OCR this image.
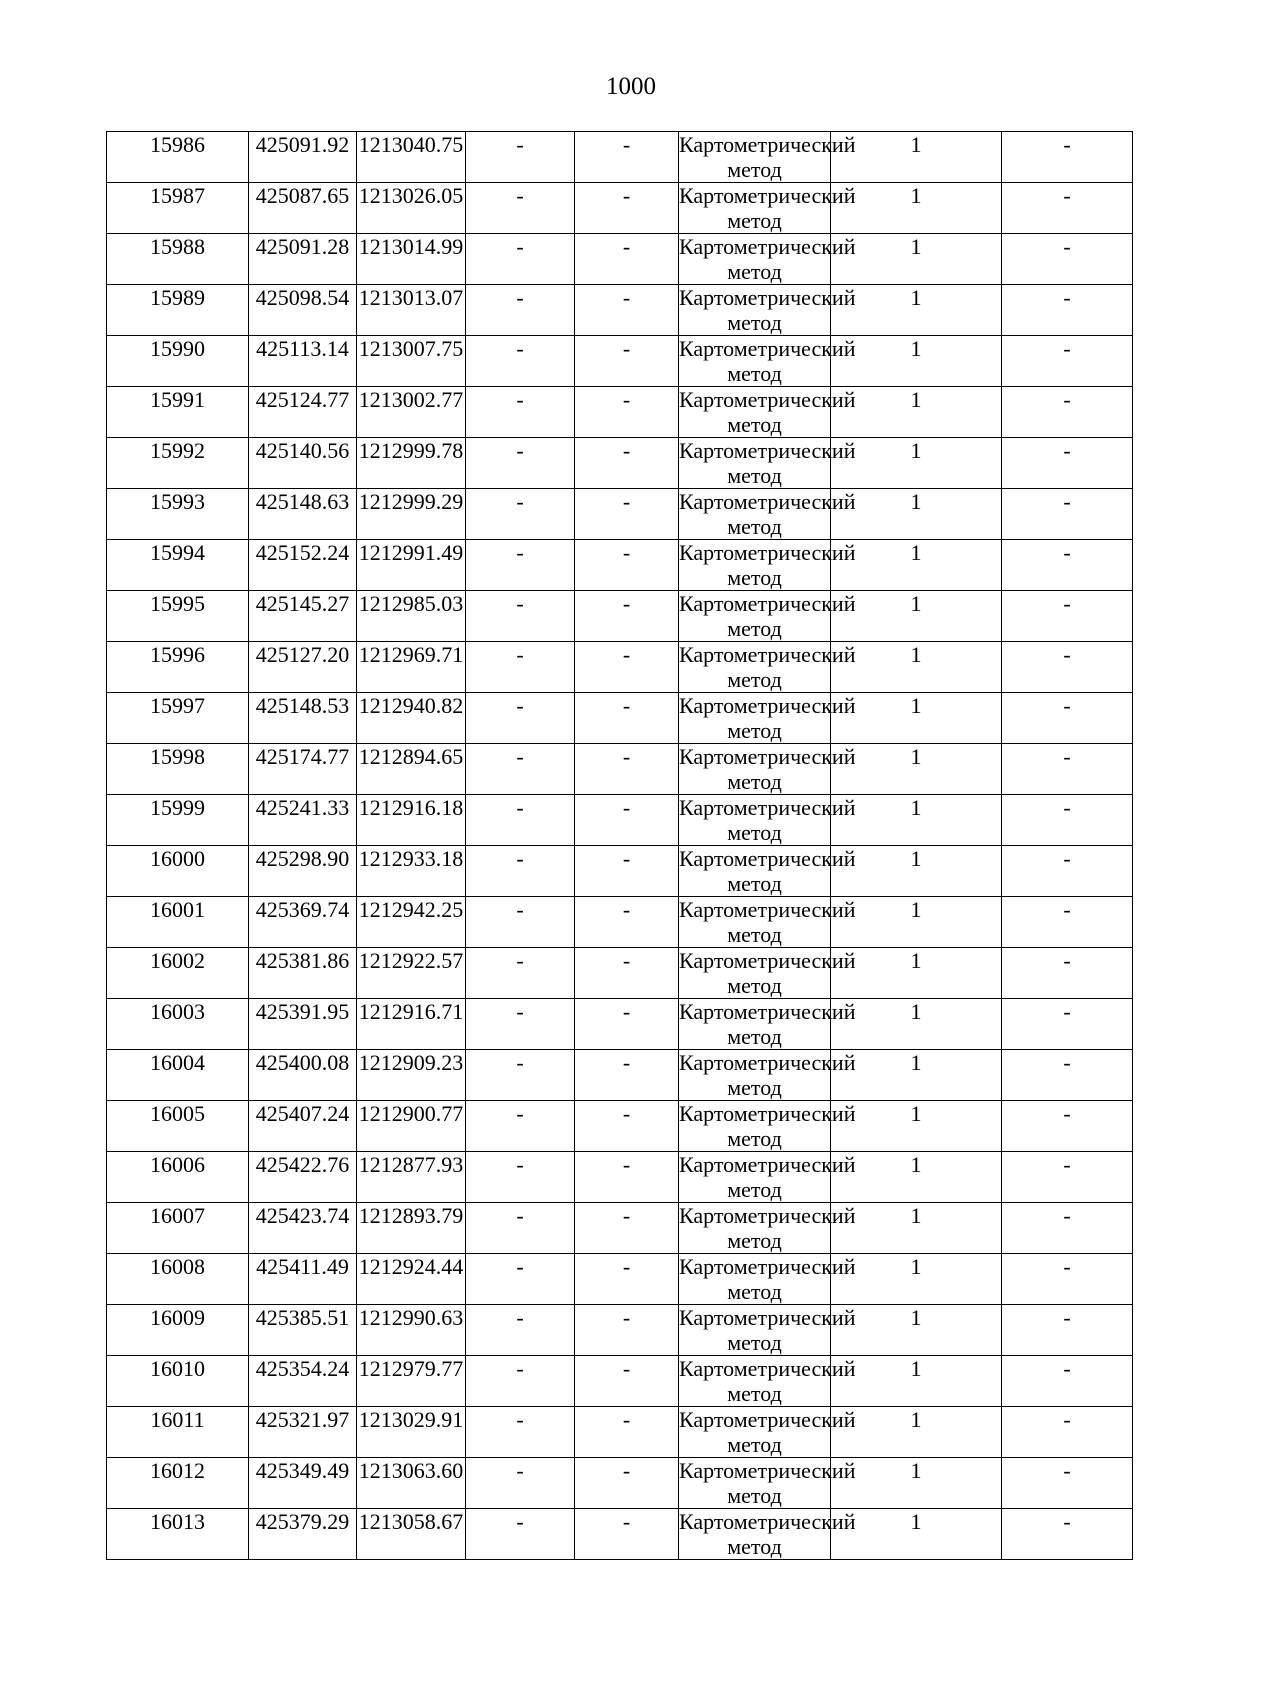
1000
15986	425091.92	1213040.75	-	-	Картометрический метод	1	-
15987	425087.65	1213026.05	-	-	Картометрический метод	1	-
15988	425091.28	1213014.99	-	-	Картометрический метод	1	-
15989	425098.54	1213013.07	-	-	Картометрический метод	1	-
15990	425113.14	1213007.75	-	-	Картометрический метод	1	-
15991	425124.77	1213002.77	-	-	Картометрический метод	1	-
15992	425140.56	1212999.78	-	-	Картометрический метод	1	-
15993	425148.63	1212999.29	-	-	Картометрический метод	1	-
15994	425152.24	1212991.49	-	-	Картометрический метод	1	-
15995	425145.27	1212985.03	-	-	Картометрический метод	1	-
15996	425127.20	1212969.71	-	-	Картометрический метод	1	-
15997	425148.53	1212940.82	-	-	Картометрический метод	1	-
15998	425174.77	1212894.65	-	-	Картометрический метод	1	-
15999	425241.33	1212916.18	-	-	Картометрический метод	1	-
16000	425298.90	1212933.18	-	-	Картометрический метод	1	-
16001	425369.74	1212942.25	-	-	Картометрический метод	1	-
16002	425381.86	1212922.57	-	-	Картометрический метод	1	-
16003	425391.95	1212916.71	-	-	Картометрический метод	1	-
16004	425400.08	1212909.23	-	-	Картометрический метод	1	-
16005	425407.24	1212900.77	-	-	Картометрический метод	1	-
16006	425422.76	1212877.93	-	-	Картометрический метод	1	-
16007	425423.74	1212893.79	-	-	Картометрический метод	1	-
16008	425411.49	1212924.44	-	-	Картометрический метод	1	-
16009	425385.51	1212990.63	-	-	Картометрический метод	1	-
16010	425354.24	1212979.77	-	-	Картометрический метод	1	-
16011	425321.97	1213029.91	-	-	Картометрический метод	1	-
16012	425349.49	1213063.60	-	-	Картометрический метод	1	-
16013	425379.29	1213058.67	-	-	Картометрический метод	1	-
